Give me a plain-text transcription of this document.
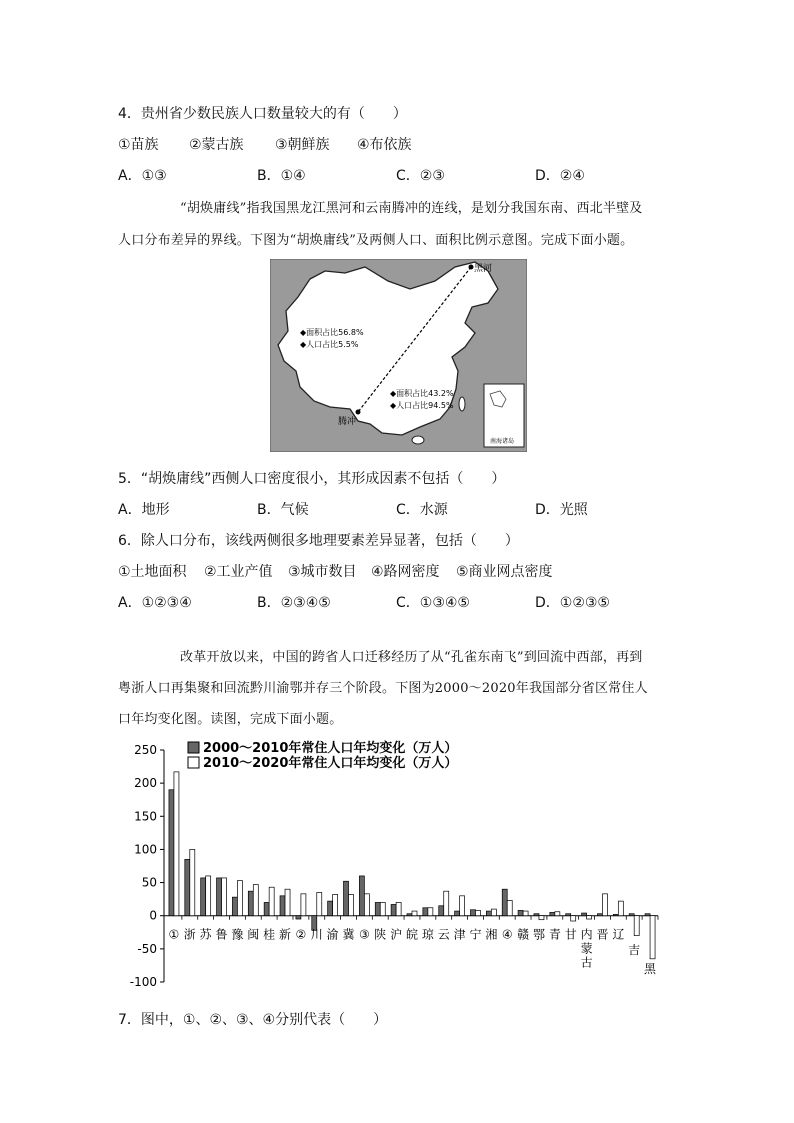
4．贵州省少数民族人口数量较大的有（　　）
①苗族 ②蒙古族 ③朝鲜族 ④布依族
A．①③	B．①④	C．②③	D．②④
“胡焕庸线”指我国黑龙江黑河和云南腾冲的连线，是划分我国东南、西北半壁及
人口分布差异的界线。下图为“胡焕庸线”及两侧人口、面积比例示意图。完成下面小题。
黑河
腾冲
◆面积占比56.8%
◆人口占比5.5%
◆面积占比43.2%
◆人口占比94.5%
南海诸岛
5．“胡焕庸线”西侧人口密度很小，其形成因素不包括（　　）
A．地形	B．气候	C．水源	D．光照
6．除人口分布，该线两侧很多地理要素差异显著，包括（　　）
①土地面积 ②工业产值 ③城市数目 ④路网密度 ⑤商业网点密度
A．①②③④	B．②③④⑤	C．①③④⑤	D．①②③⑤
改革开放以来，中国的跨省人口迁移经历了从“孔雀东南飞”到回流中西部，再到
粤浙人口再集聚和回流黔川渝鄂并存三个阶段。下图为2000～2020年我国部分省区常住人
口年均变化图。读图，完成下面小题。
250
200
150
100
50
0
-50
-100
① 浙 苏 鲁 豫 闽 桂 新 ② 川 渝 冀 ③ 陕 沪 皖 琼 云 津 宁 湘 ④ 赣 鄂 青 甘 内蒙古
晋 辽
吉
黑
2000～2010年常住人口年均变化（万人）
2010～2020年常住人口年均变化（万人）
7．图中，①、②、③、④分别代表（　　）
